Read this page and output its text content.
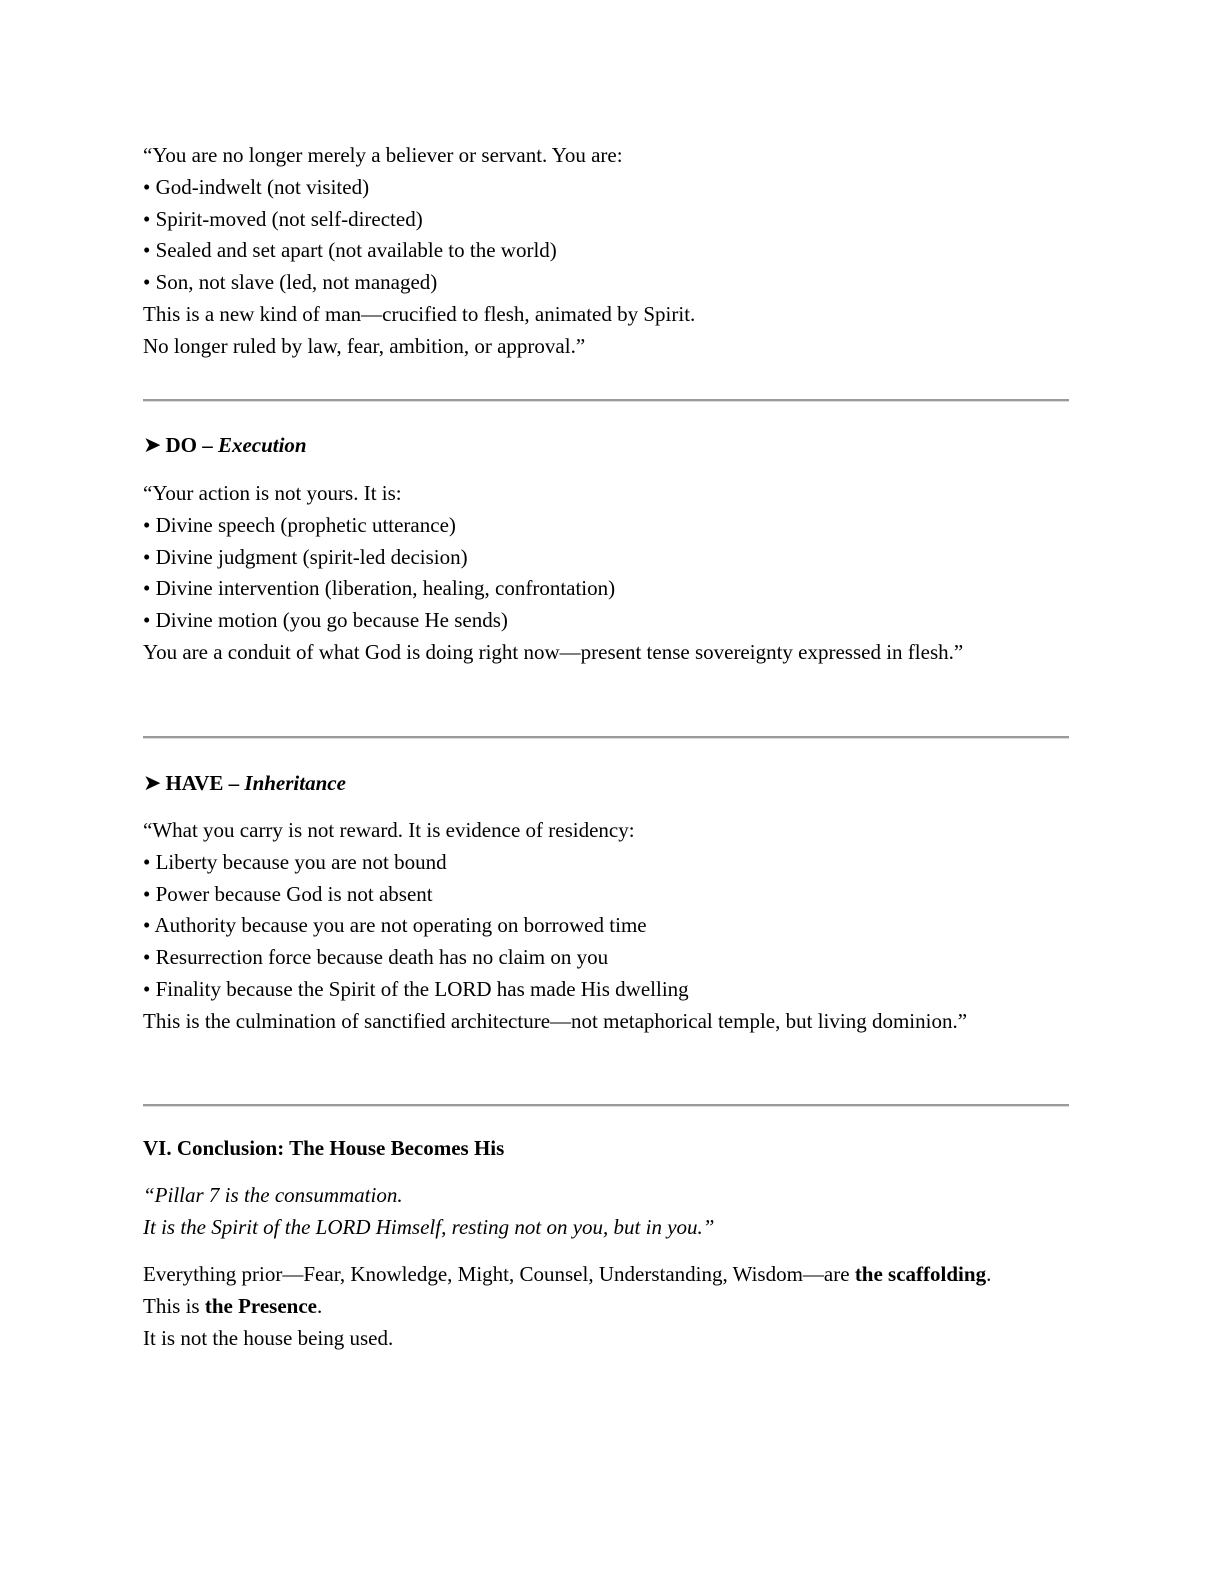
“You are no longer merely a believer or servant. You are:
• God-indwelt (not visited)
• Spirit-moved (not self-directed)
• Sealed and set apart (not available to the world)
• Son, not slave (led, not managed)
This is a new kind of man—crucified to flesh, animated by Spirit.
No longer ruled by law, fear, ambition, or approval.”
➤ DO – Execution
“Your action is not yours. It is:
• Divine speech (prophetic utterance)
• Divine judgment (spirit-led decision)
• Divine intervention (liberation, healing, confrontation)
• Divine motion (you go because He sends)
You are a conduit of what God is doing right now—present tense sovereignty expressed in flesh.”
➤ HAVE – Inheritance
“What you carry is not reward. It is evidence of residency:
• Liberty because you are not bound
• Power because God is not absent
• Authority because you are not operating on borrowed time
• Resurrection force because death has no claim on you
• Finality because the Spirit of the LORD has made His dwelling
This is the culmination of sanctified architecture—not metaphorical temple, but living dominion.”
VI. Conclusion: The House Becomes His
“Pillar 7 is the consummation.
It is the Spirit of the LORD Himself, resting not on you, but in you.”
Everything prior—Fear, Knowledge, Might, Counsel, Understanding, Wisdom—are the scaffolding.
This is the Presence.
It is not the house being used.
